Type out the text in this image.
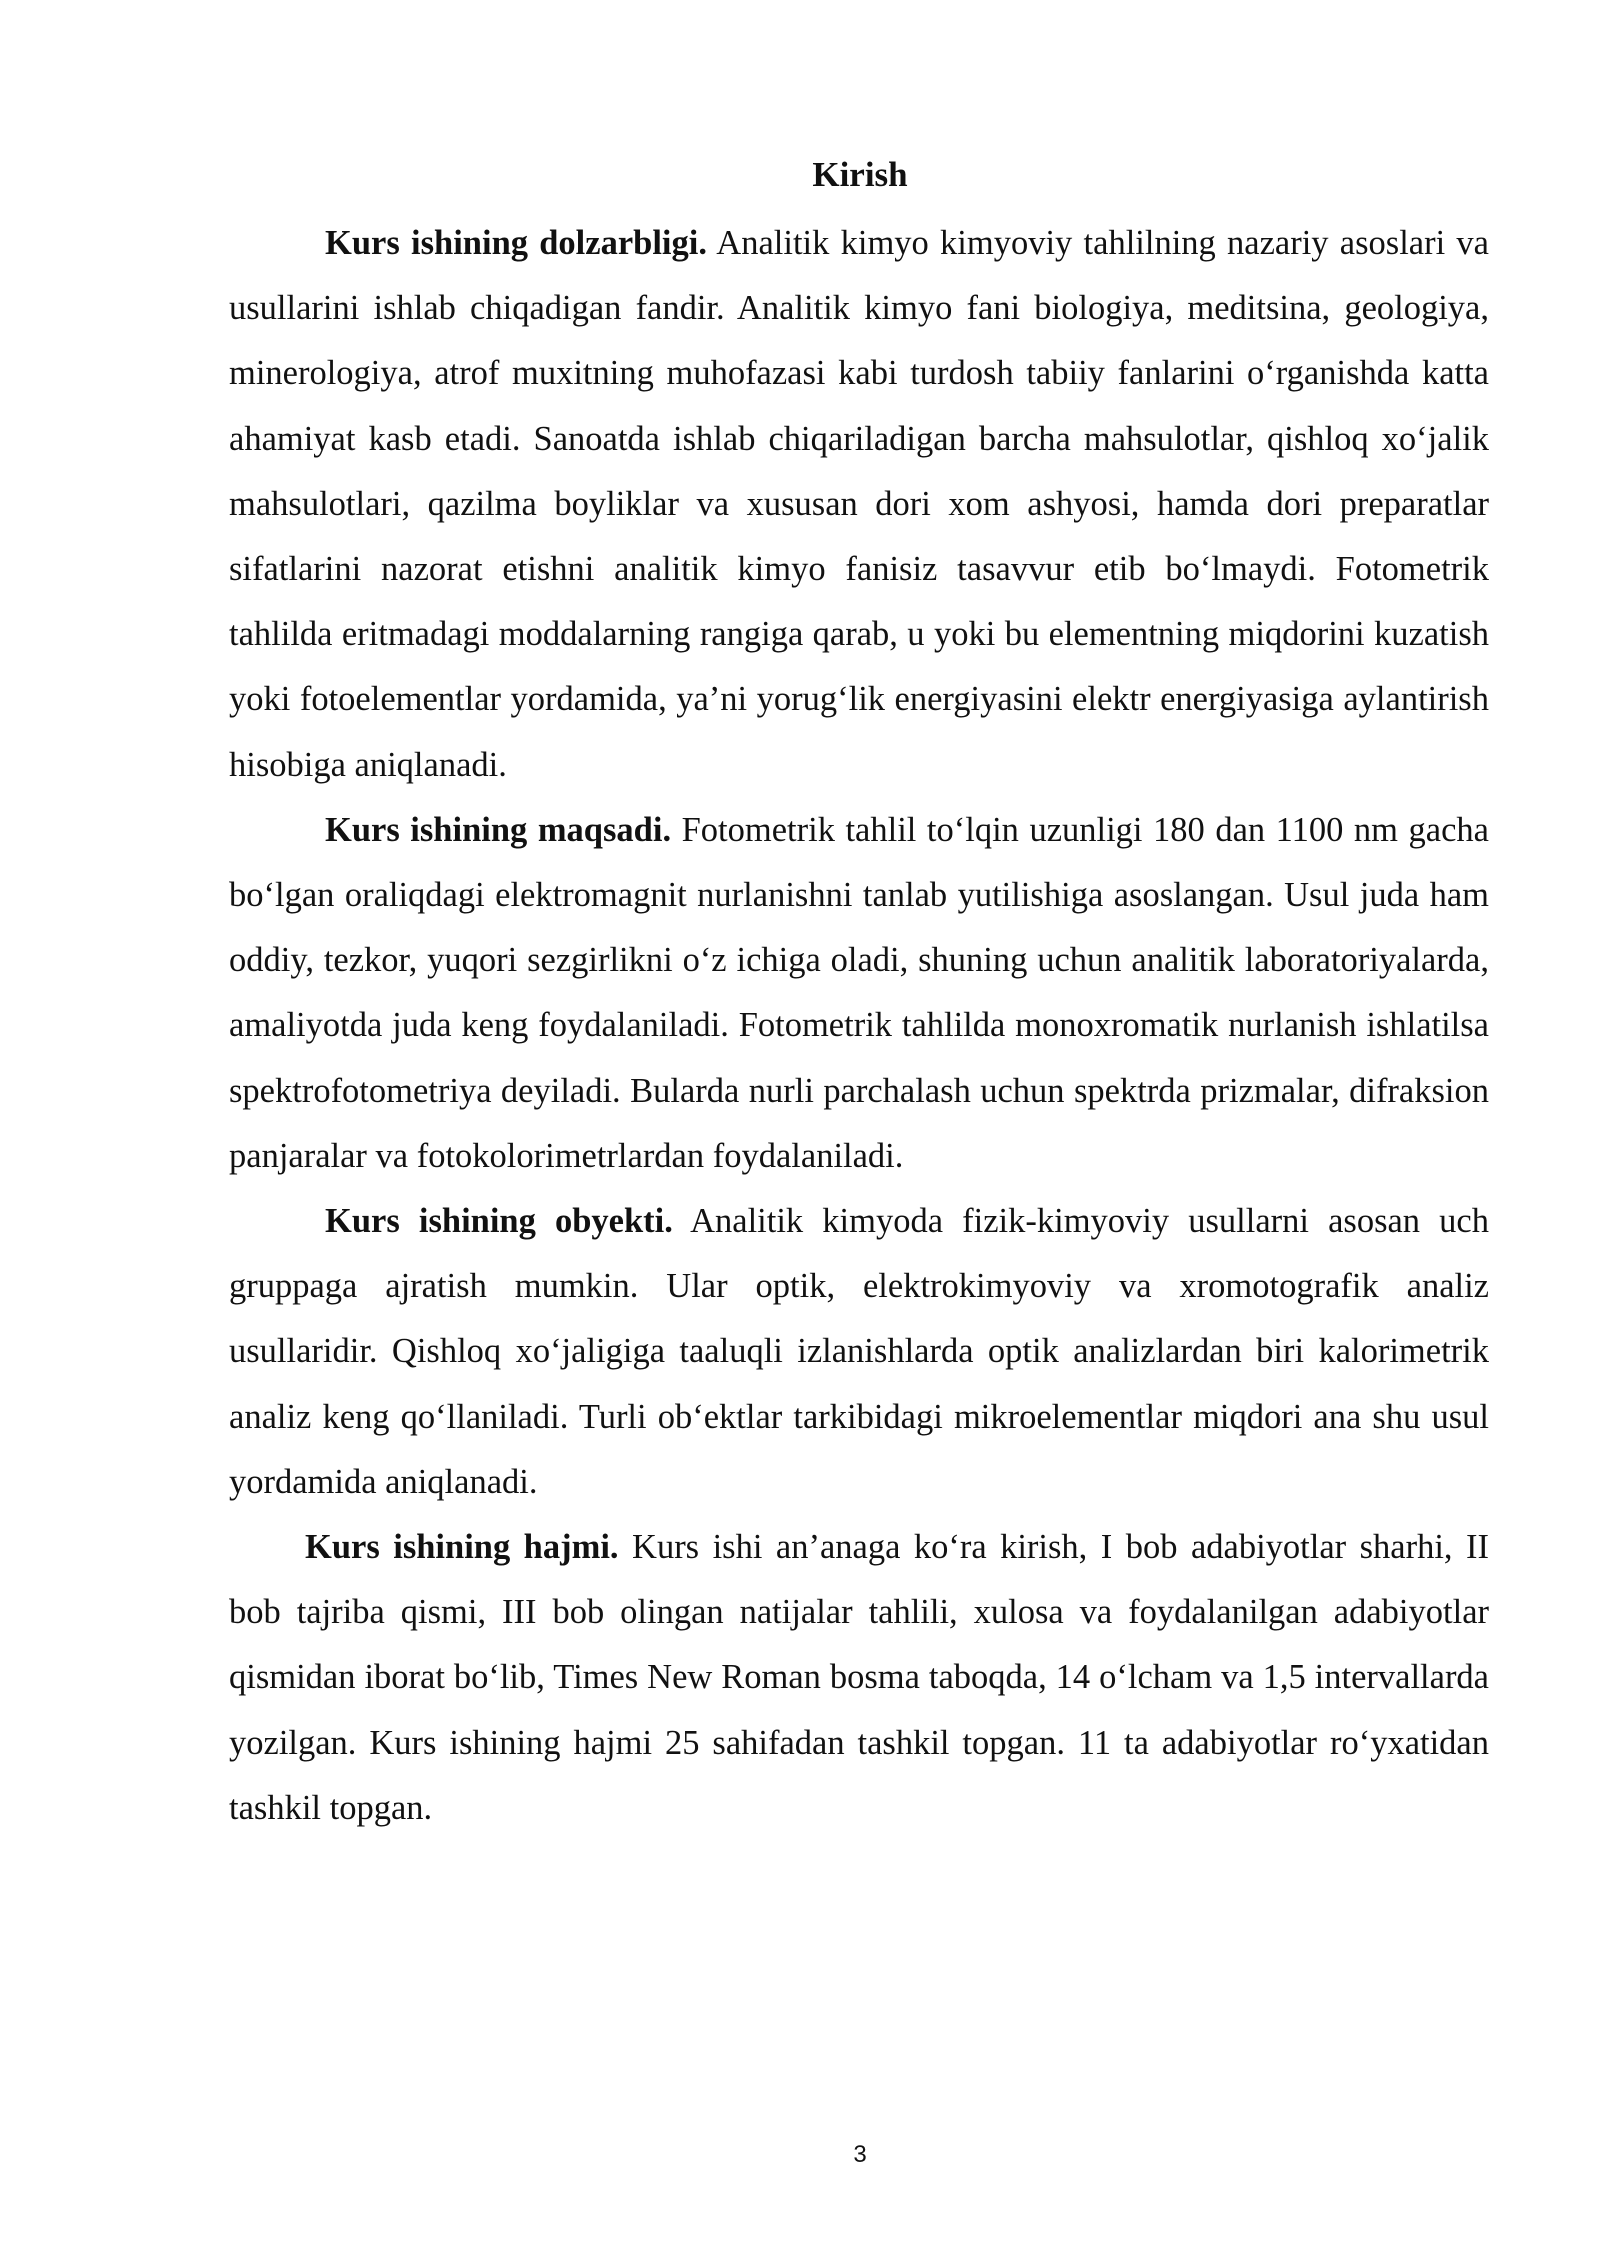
Kirish

Kurs ishining dolzarbligi. Analitik kimyo kimyoviy tahlilning nazariy asoslari va usullarini ishlab chiqadigan fandir. Analitik kimyo fani biologiya, meditsina, geologiya, minerologiya, atrof muxitning muhofazasi kabi turdosh tabiiy fanlarini o‘rganishda katta ahamiyat kasb etadi. Sanoatda ishlab chiqariladigan barcha mahsulotlar, qishloq xo‘jalik mahsulotlari, qazilma boyliklar va xususan dori xom ashyosi, hamda dori preparatlar sifatlarini nazorat etishni analitik kimyo fanisiz tasavvur etib bo‘lmaydi. Fotometrik tahlilda eritmadagi moddalarning rangiga qarab, u yoki bu elementning miqdorini kuzatish yoki fotoelementlar yordamida, ya’ni yorug‘lik energiyasini elektr energiyasiga aylantirish hisobiga aniqlanadi.

Kurs ishining maqsadi. Fotometrik tahlil to‘lqin uzunligi 180 dan 1100 nm gacha bo‘lgan oraliqdagi elektromagnit nurlanishni tanlab yutilishiga asoslangan. Usul juda ham oddiy, tezkor, yuqori sezgirlikni o‘z ichiga oladi, shuning uchun analitik laboratoriyalarda, amaliyotda juda keng foydalaniladi. Fotometrik tahlilda monoxromatik nurlanish ishlatilsa spektrofotometriya deyiladi. Bularda nurli parchalash uchun spektrda prizmalar, difraksion panjaralar va fotokolorimetrlardan foydalaniladi.

Kurs ishining obyekti. Analitik kimyoda fizik-kimyoviy usullarni asosan uch gruppaga ajratish mumkin. Ular optik, elektrokimyoviy va xromotografik analiz usullaridir. Qishloq xo‘jaligiga taaluqli izlanishlarda optik analizlardan biri kalorimetrik analiz keng qo‘llaniladi. Turli ob‘ektlar tarkibidagi mikroelementlar miqdori ana shu usul yordamida aniqlanadi.

Kurs ishining hajmi. Kurs ishi an’anaga ko‘ra kirish, I bob adabiyotlar sharhi, II bob tajriba qismi, III bob olingan natijalar tahlili, xulosa va foydalanilgan adabiyotlar qismidan iborat bo‘lib, Times New Roman bosma taboqda, 14 o‘lcham va 1,5 intervallarda yozilgan. Kurs ishining hajmi 25 sahifadan tashkil topgan. 11 ta adabiyotlar ro‘yxatidan tashkil topgan.

3
